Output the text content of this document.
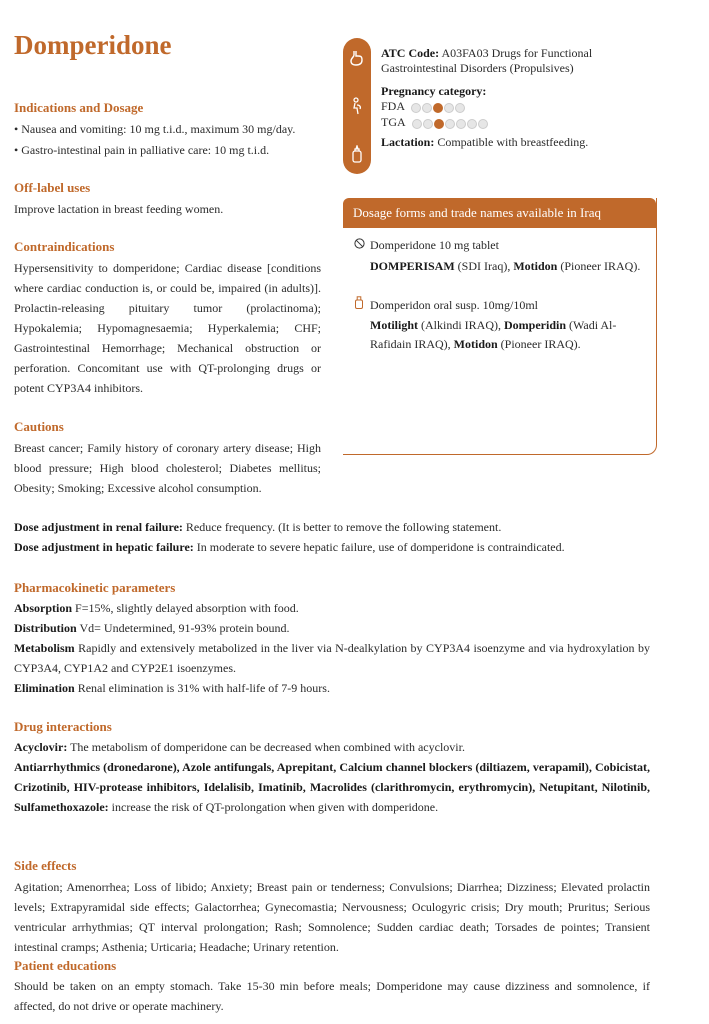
Domperidone
Indications and Dosage
• Nausea and vomiting: 10 mg t.i.d., maximum 30 mg/day.
• Gastro-intestinal pain in palliative care: 10 mg t.i.d.
Off-label uses

Improve lactation in breast feeding women.

Contraindications

Hypersensitivity to domperidone; Cardiac disease [conditions where cardiac conduction is, or could be, impaired (in adults)]. Prolactin-releasing pituitary tumor (prolactinoma); Hypokalemia; Hypomagnesaemia; Hyperkalemia; CHF; Gastrointestinal Hemorrhage; Mechanical obstruction or perforation. Concomitant use with QT-prolonging drugs or potent CYP3A4 inhibitors.

Cautions

Breast cancer; Family history of coronary artery disease; High blood pressure; High blood cholesterol; Diabetes mellitus; Obesity; Smoking; Excessive alcohol consumption.

Dose adjustment in renal failure: Reduce frequency. (It is better to remove the following statement.
Dose adjustment in hepatic failure: In moderate to severe hepatic failure, use of domperidone is contraindicated.
ATC Code: A03FA03 Drugs for Functional
Gastrointestinal Disorders (Propulsives)
Pregnancy category:
FDA
TGA
Lactation: Compatible with breastfeeding.
Dosage forms and trade names available in Iraq
Domperidone 10 mg tablet
DOMPERISAM (SDI Iraq), Motidon (Pioneer IRAQ).
Domperidon oral susp. 10mg/10ml
Motilight (Alkindi IRAQ), Domperidin (Wadi Al-Rafidain IRAQ), Motidon (Pioneer IRAQ).
Pharmacokinetic parameters
Absorption F=15%, slightly delayed absorption with food.
Distribution Vd= Undetermined, 91-93% protein bound.
Metabolism Rapidly and extensively metabolized in the liver via N-dealkylation by CYP3A4 isoenzyme and via hydroxylation by CYP3A4, CYP1A2 and CYP2E1 isoenzymes.
Elimination Renal elimination is 31% with half-life of 7-9 hours.
Drug interactions
Acyclovir: The metabolism of domperidone can be decreased when combined with acyclovir.
Antiarrhythmics (dronedarone), Azole antifungals, Aprepitant, Calcium channel blockers (diltiazem, verapamil), Cobicistat, Crizotinib, HIV-protease inhibitors, Idelalisib, Imatinib, Macrolides (clarithromycin, erythromycin), Netupitant, Nilotinib, Sulfamethoxazole: increase the risk of QT-prolongation when given with domperidone.
Side effects

Agitation; Amenorrhea; Loss of libido; Anxiety; Breast pain or tenderness; Convulsions; Diarrhea; Dizziness; Elevated prolactin levels; Extrapyramidal side effects; Galactorrhea; Gynecomastia; Nervousness; Oculogyric crisis; Dry mouth; Pruritus; Serious ventricular arrhythmias; QT interval prolongation; Rash; Somnolence; Sudden cardiac death; Torsades de pointes; Transient intestinal cramps; Asthenia; Urticaria; Headache; Urinary retention.

Patient educations

Should be taken on an empty stomach. Take 15-30 min before meals; Domperidone may cause dizziness and somnolence, if affected, do not drive or operate machinery.
